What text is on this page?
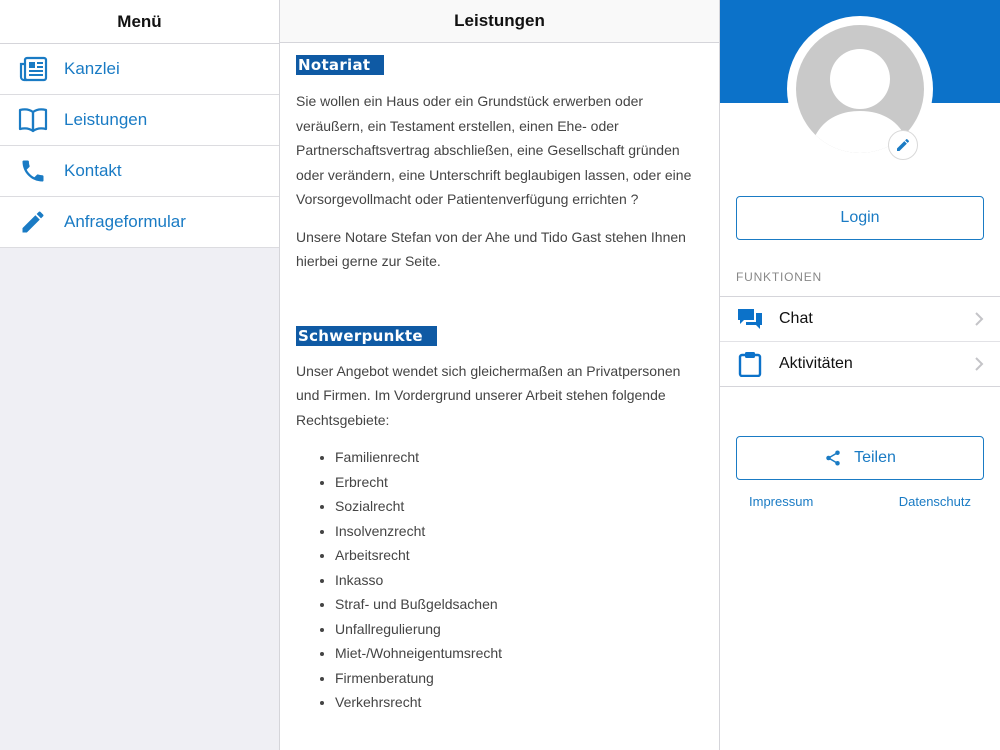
Menü
Kanzlei
Leistungen
Kontakt
Anfrageformular
Leistungen
Notariat

Sie wollen ein Haus oder ein Grundstück erwerben oder veräußern, ein Testament erstellen, einen Ehe- oder Partnerschaftsvertrag abschließen, eine Gesellschaft gründen oder verändern, eine Unterschrift beglaubigen lassen, oder eine Vorsorgevollmacht oder Patientenverfügung errichten ?

Unsere Notare Stefan von der Ahe und Tido Gast stehen Ihnen hierbei gerne zur Seite.

Schwerpunkte

Unser Angebot wendet sich gleichermaßen an Privatpersonen und Firmen. Im Vordergrund unserer Arbeit stehen folgende Rechtsgebiete:

• Familienrecht
• Erbrecht
• Sozialrecht
• Insolvenzrecht
• Arbeitsrecht
• Inkasso
• Straf- und Bußgeldsachen
• Unfallregulierung
• Miet-/Wohneigentumsrecht
• Firmenberatung
• Verkehrsrecht
Login
FUNKTIONEN
Chat
Aktivitäten
Teilen
Impressum	Datenschutz
